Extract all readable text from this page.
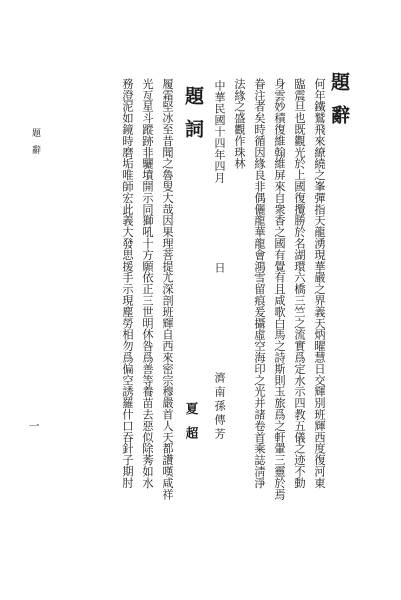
題辭
何年鐵鷲飛來繚繞之峯彈指天龍湧現華嚴之界義天炳曜慧日交輝別班輝西度復河東
臨震旦也既觀光於上國復攬勝於名湖環六橋三竺之流實爲定水示四教五儀之迹不動
身雲妙積復維翰維屏來自衆香之國有覺有且咸歌白馬之詩斯則玉旅爲之軒翬三靈於焉
眷注者矣時循因緣良非偶儷龍華龍會鴻雪留痕爰攝虛空海印之光并諸卷首乘誌淸淨
法緣之盛觀作珠林
中華民國十四年四月
日
濟南孫傳芳
題詞
夏超
履霜堅冰至昔聞之魯叟大哉因果理菩提尤深剖班輝自西來密宗穆嚴首人天都讚嘆咸祥
光亙星斗蹤跡非驪墳開示同獅吼十方願依正三世明休咎爲善等養苗去惡似除莠如水
務澄泥如鏡時磨垢唯師宏此義大發思援手示現塵勞相勿爲偏空誘羅什口吞針子期肘
題辭
一
